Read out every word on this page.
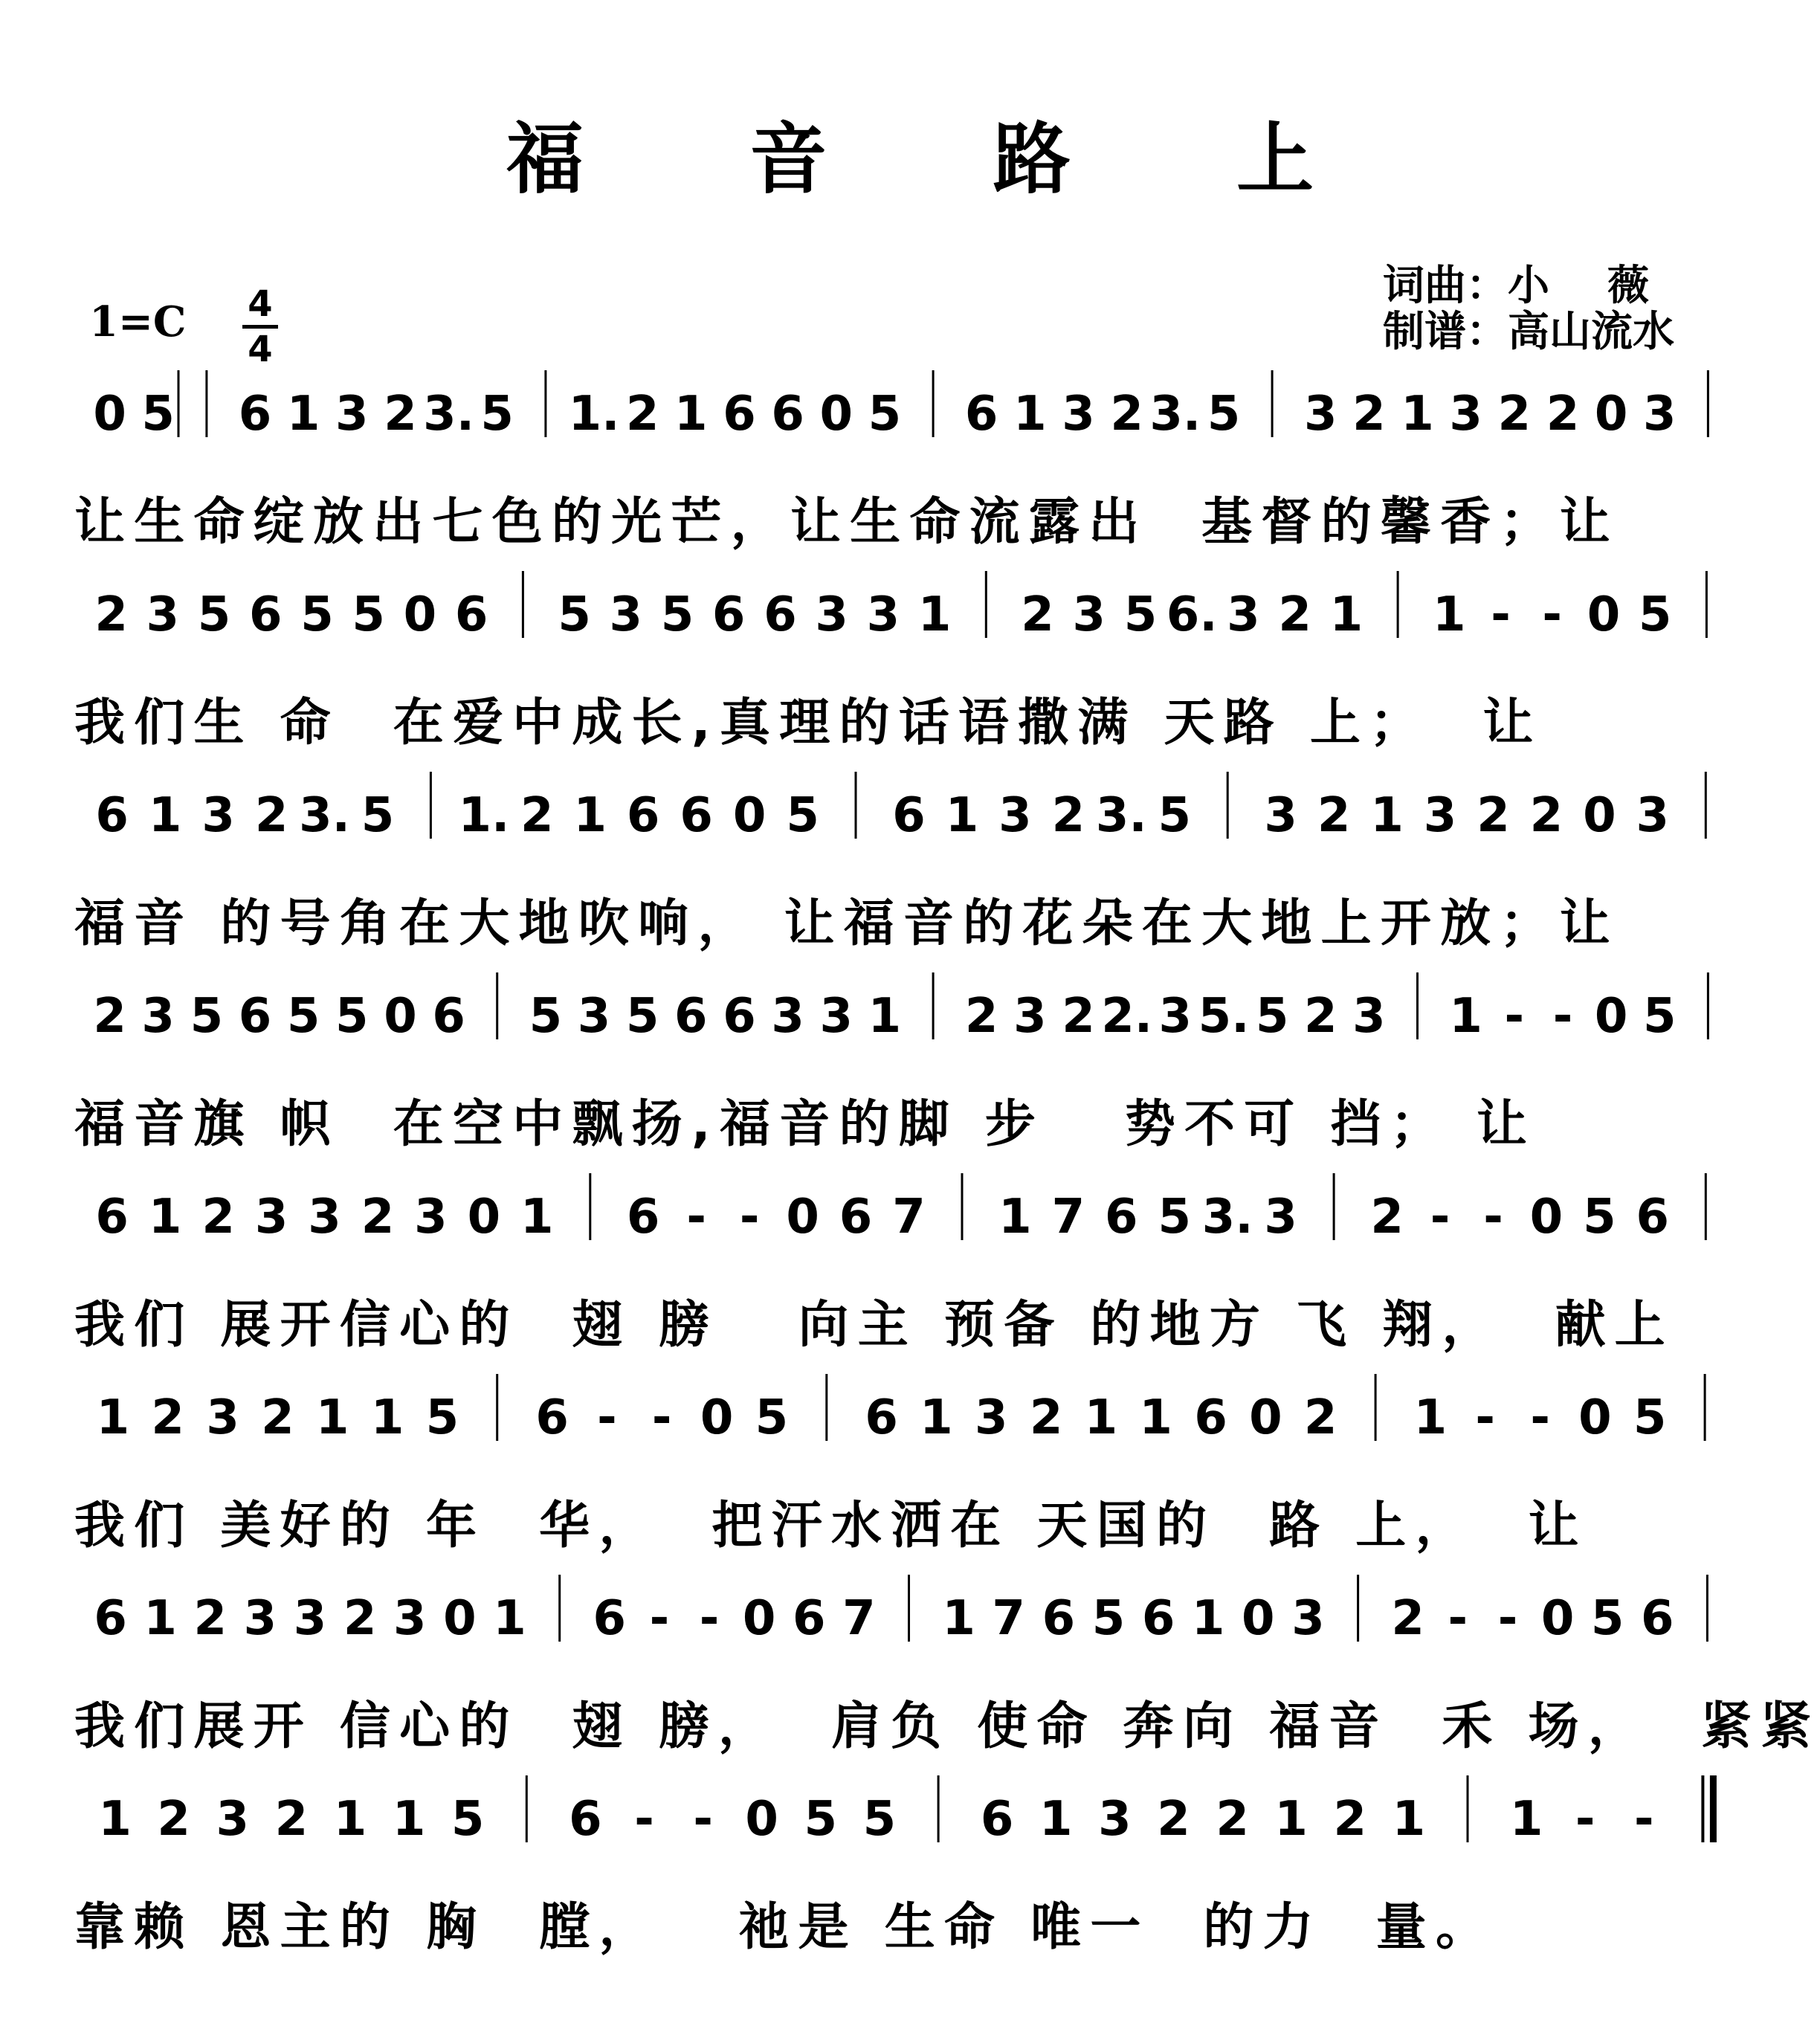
福 音 路 上
词曲：小    薇
制谱：高山流水
1=C 4
4
0 5 6 1 3 2 3. 5 1. 2 1 6 6 0 5 6 1 3 2 3. 5 3 2 1 3 2 2 0 3
2 3 5 6 5 5 0 6 5 3 5 6 6 3 3 1 2 3 5 6. 3 2 1 1 - - 0 5
6 1 3 2 3. 5 1. 2 1 6 6 0 5 6 1 3 2 3. 5 3 2 1 3 2 2 0 3
2 3 5 6 5 5 0 6 5 3 5 6 6 3 3 1 2 3 2 2. 3 5. 5 2 3 1 - - 0 5
6 1 2 3 3 2 3 0 1 6 - - 0 6 7 1 7 6 5 3. 3 2 - - 0 5 6
1 2 3 2 1 1 5 6 - - 0 5 6 1 3 2 1 1 6 0 2 1 - - 0 5
6 1 2 3 3 2 3 0 1 6 - - 0 6 7 1 7 6 5 6 1 0 3 2 - - 0 5 6
1 2 3 2 1 1 5 6 - - 0 5 5 6 1 3 2 2 1 2 1 1 - -
让生命绽放出七色的光芒，让生命流露出  基督的馨香；让
我们生 命  在爱中成长,真理的话语撒满 天路 上；  让
福音 的号角在大地吹响， 让福音的花朵在大地上开放；让
福音旗 帜  在空中飘扬,福音的脚 步   势不可 挡； 让
我们 展开信心的  翅 膀   向主 预备 的地方 飞 翔，  献上
我们 美好的 年  华，  把汗水洒在 天国的  路 上，  让
我们展开 信心的  翅 膀，  肩负 使命 奔向 福音  禾 场，  紧紧
靠赖 恩主的 胸  膛，   祂是 生命 唯一  的力  量。
